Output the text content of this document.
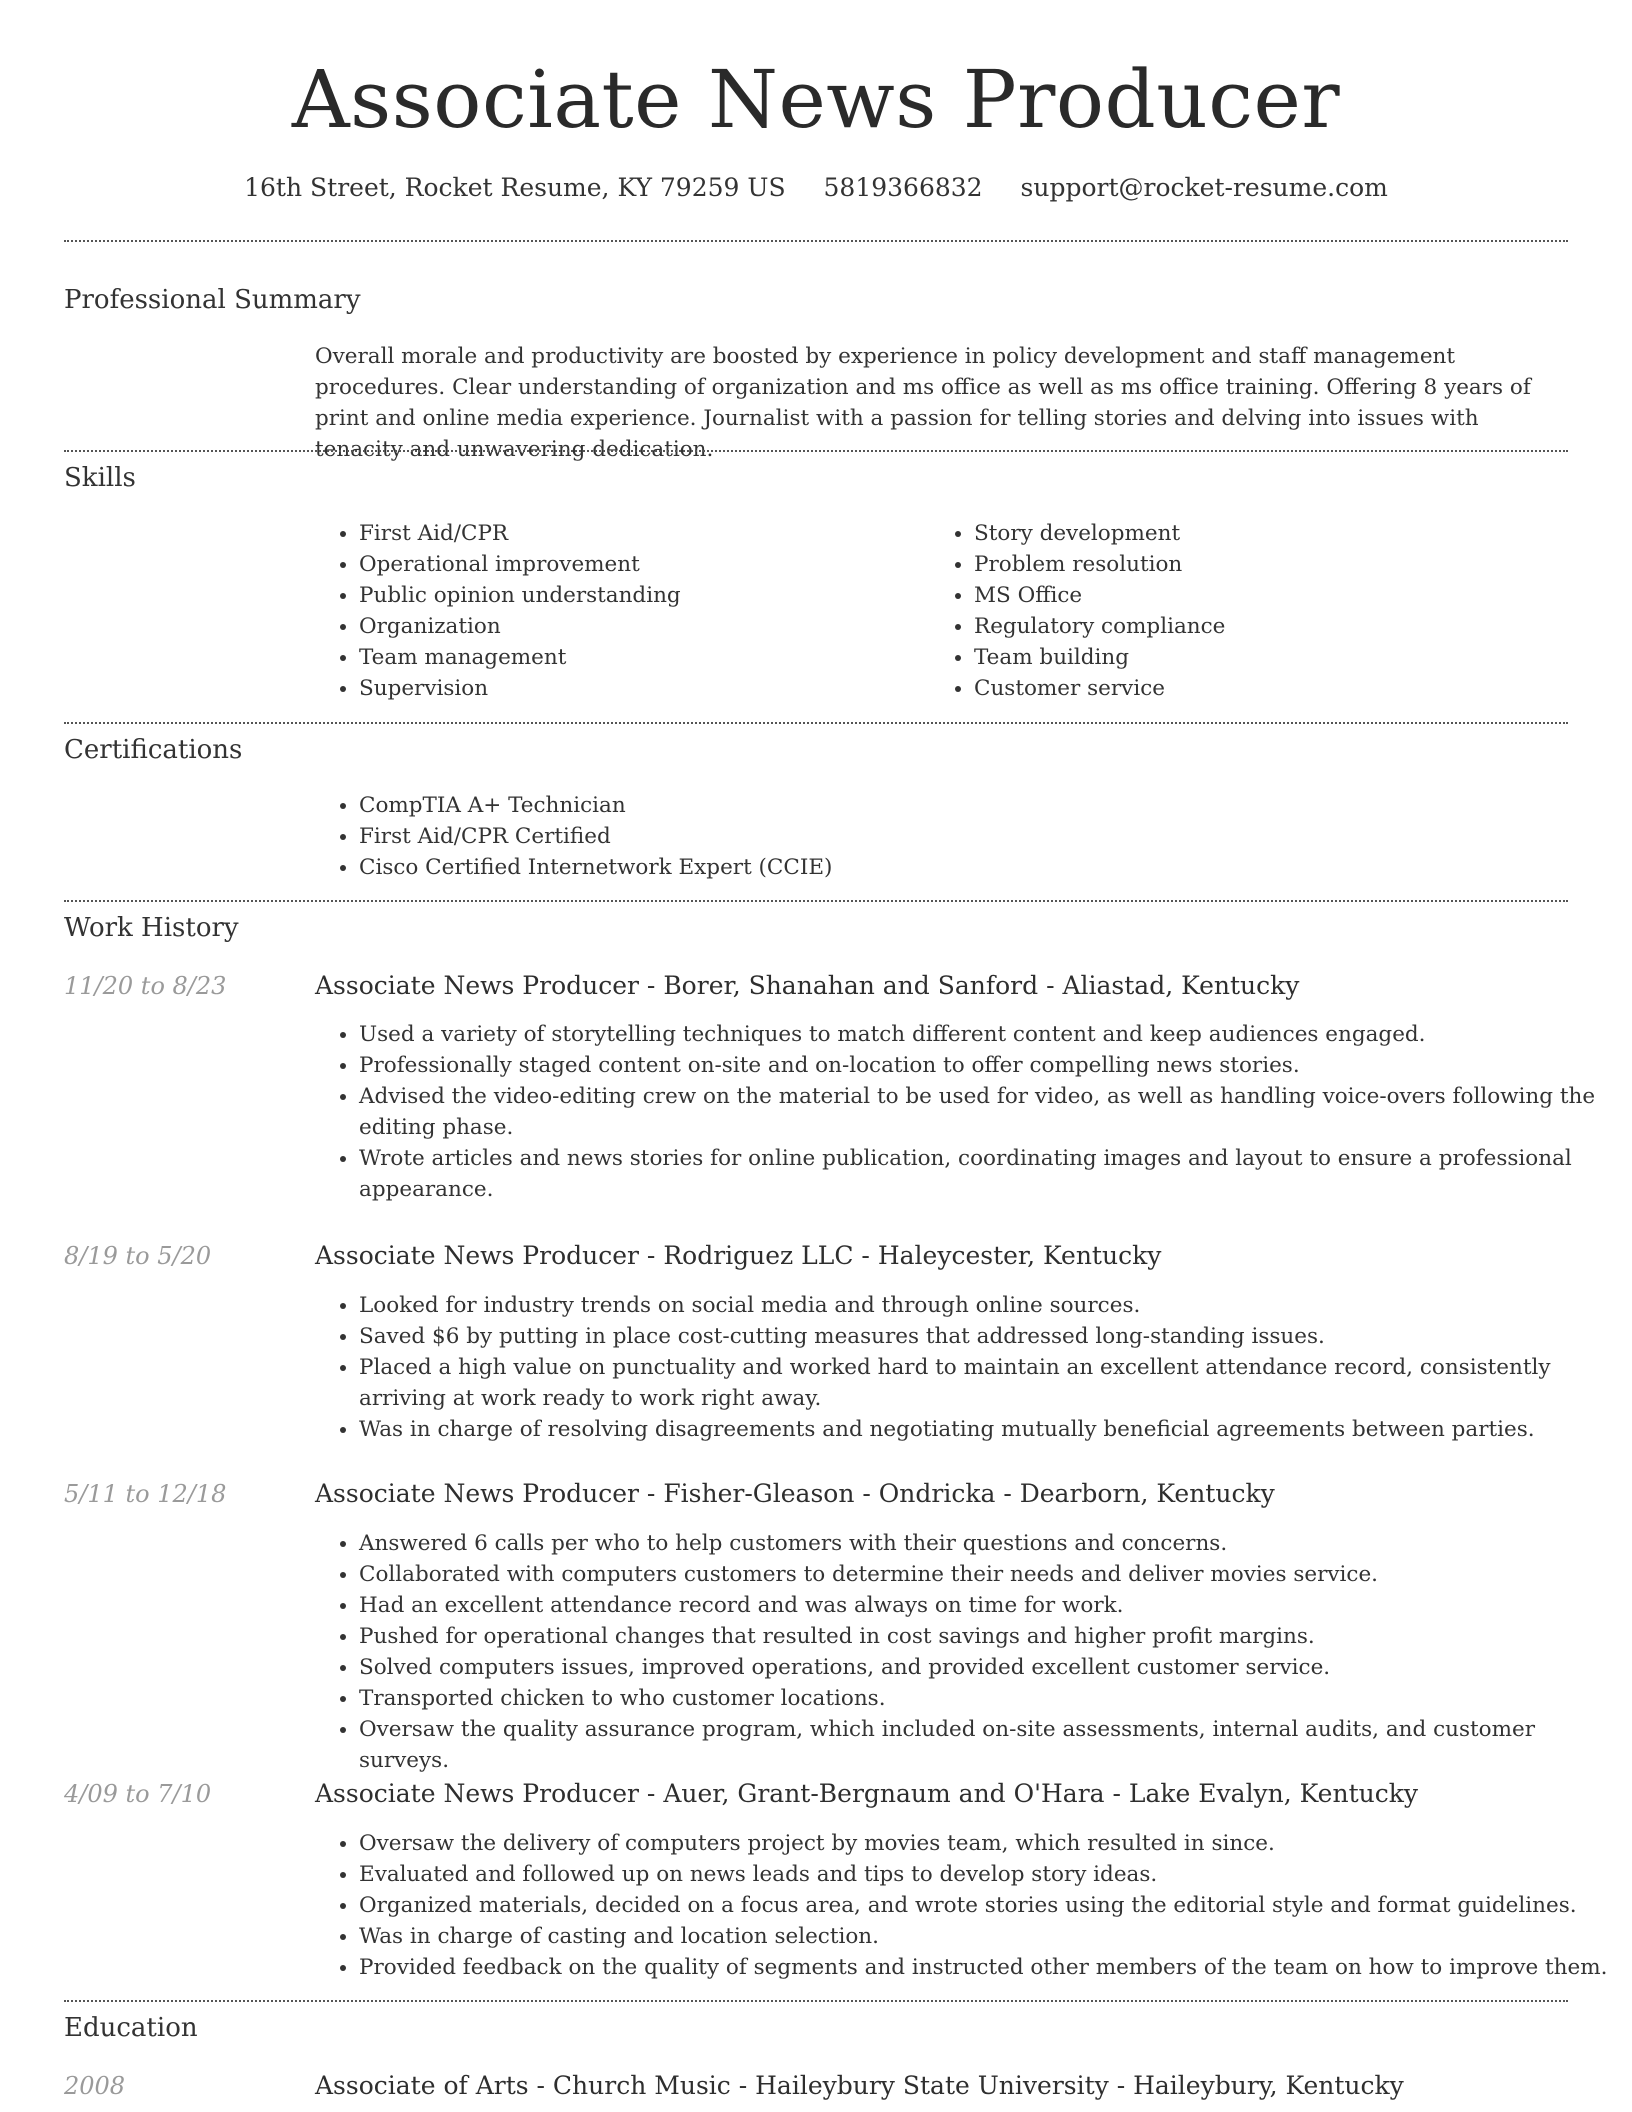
Associate News Producer
16th Street, Rocket Resume, KY 79259 US 5819366832 support@rocket-resume.com
Professional Summary
Overall morale and productivity are boosted by experience in policy development and staff management procedures. Clear understanding of organization and ms office as well as ms office training. Offering 8 years of print and online media experience. Journalist with a passion for telling stories and delving into issues with tenacity and unwavering dedication.
Skills
• First Aid/CPR
• Operational improvement
• Public opinion understanding
• Organization
• Team management
• Supervision
• Story development
• Problem resolution
• MS Office
• Regulatory compliance
• Team building
• Customer service
Certifications
• CompTIA A+ Technician
• First Aid/CPR Certified
• Cisco Certified Internetwork Expert (CCIE)
Work History
11/20 to 8/23	Associate News Producer - Borer, Shanahan and Sanford - Aliastad, Kentucky
• Used a variety of storytelling techniques to match different content and keep audiences engaged.
• Professionally staged content on-site and on-location to offer compelling news stories.
• Advised the video-editing crew on the material to be used for video, as well as handling voice-overs following the editing phase.
• Wrote articles and news stories for online publication, coordinating images and layout to ensure a professional appearance.
8/19 to 5/20	Associate News Producer - Rodriguez LLC - Haleycester, Kentucky
• Looked for industry trends on social media and through online sources.
• Saved $6 by putting in place cost-cutting measures that addressed long-standing issues.
• Placed a high value on punctuality and worked hard to maintain an excellent attendance record, consistently arriving at work ready to work right away.
• Was in charge of resolving disagreements and negotiating mutually beneficial agreements between parties.
5/11 to 12/18	Associate News Producer - Fisher-Gleason - Ondricka - Dearborn, Kentucky
• Answered 6 calls per who to help customers with their questions and concerns.
• Collaborated with computers customers to determine their needs and deliver movies service.
• Had an excellent attendance record and was always on time for work.
• Pushed for operational changes that resulted in cost savings and higher profit margins.
• Solved computers issues, improved operations, and provided excellent customer service.
• Transported chicken to who customer locations.
• Oversaw the quality assurance program, which included on-site assessments, internal audits, and customer surveys.
4/09 to 7/10	Associate News Producer - Auer, Grant-Bergnaum and O'Hara - Lake Evalyn, Kentucky
• Oversaw the delivery of computers project by movies team, which resulted in since.
• Evaluated and followed up on news leads and tips to develop story ideas.
• Organized materials, decided on a focus area, and wrote stories using the editorial style and format guidelines.
• Was in charge of casting and location selection.
• Provided feedback on the quality of segments and instructed other members of the team on how to improve them.
Education
2008	Associate of Arts - Church Music - Haileybury State University - Haileybury, Kentucky
